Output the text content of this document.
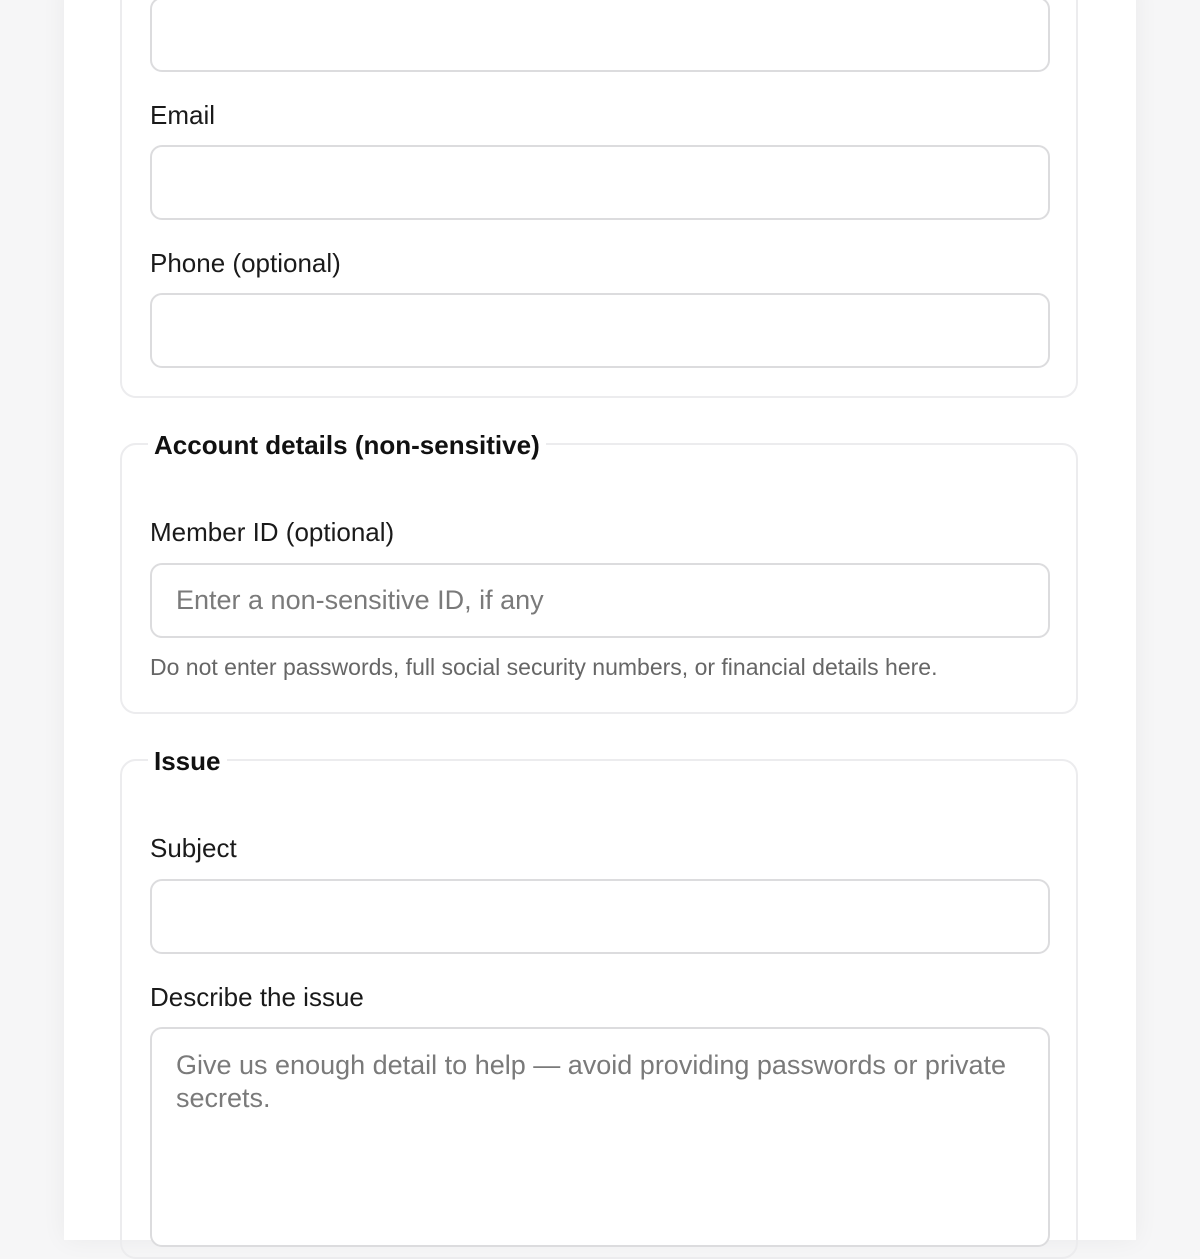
Email
Phone (optional)
Account details (non-sensitive)
Member ID (optional)
Enter a non-sensitive ID, if any
Do not enter passwords, full social security numbers, or financial details here.
Issue
Subject
Describe the issue
Give us enough detail to help — avoid providing passwords or private secrets.
